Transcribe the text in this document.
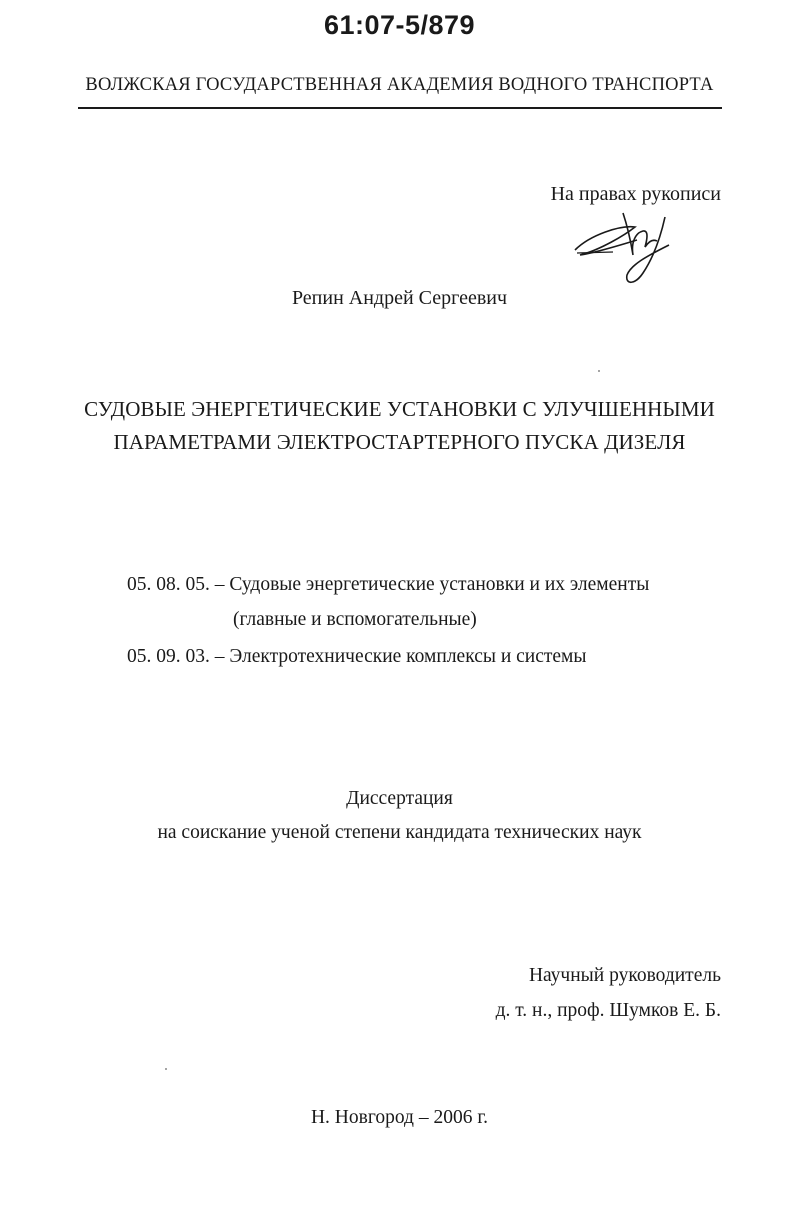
61:07-5/879
ВОЛЖСКАЯ ГОСУДАРСТВЕННАЯ АКАДЕМИЯ ВОДНОГО ТРАНСПОРТА
На правах рукописи
Репин Андрей Сергеевич
СУДОВЫЕ ЭНЕРГЕТИЧЕСКИЕ УСТАНОВКИ С УЛУЧШЕННЫМИ
ПАРАМЕТРАМИ ЭЛЕКТРОСТАРТЕРНОГО ПУСКА ДИЗЕЛЯ
05. 08. 05. – Судовые энергетические установки и их элементы
(главные и вспомогательные)
05. 09. 03. – Электротехнические комплексы и системы
Диссертация
на соискание ученой степени кандидата технических наук
Научный руководитель
д. т. н., проф. Шумков Е. Б.
Н. Новгород – 2006 г.
